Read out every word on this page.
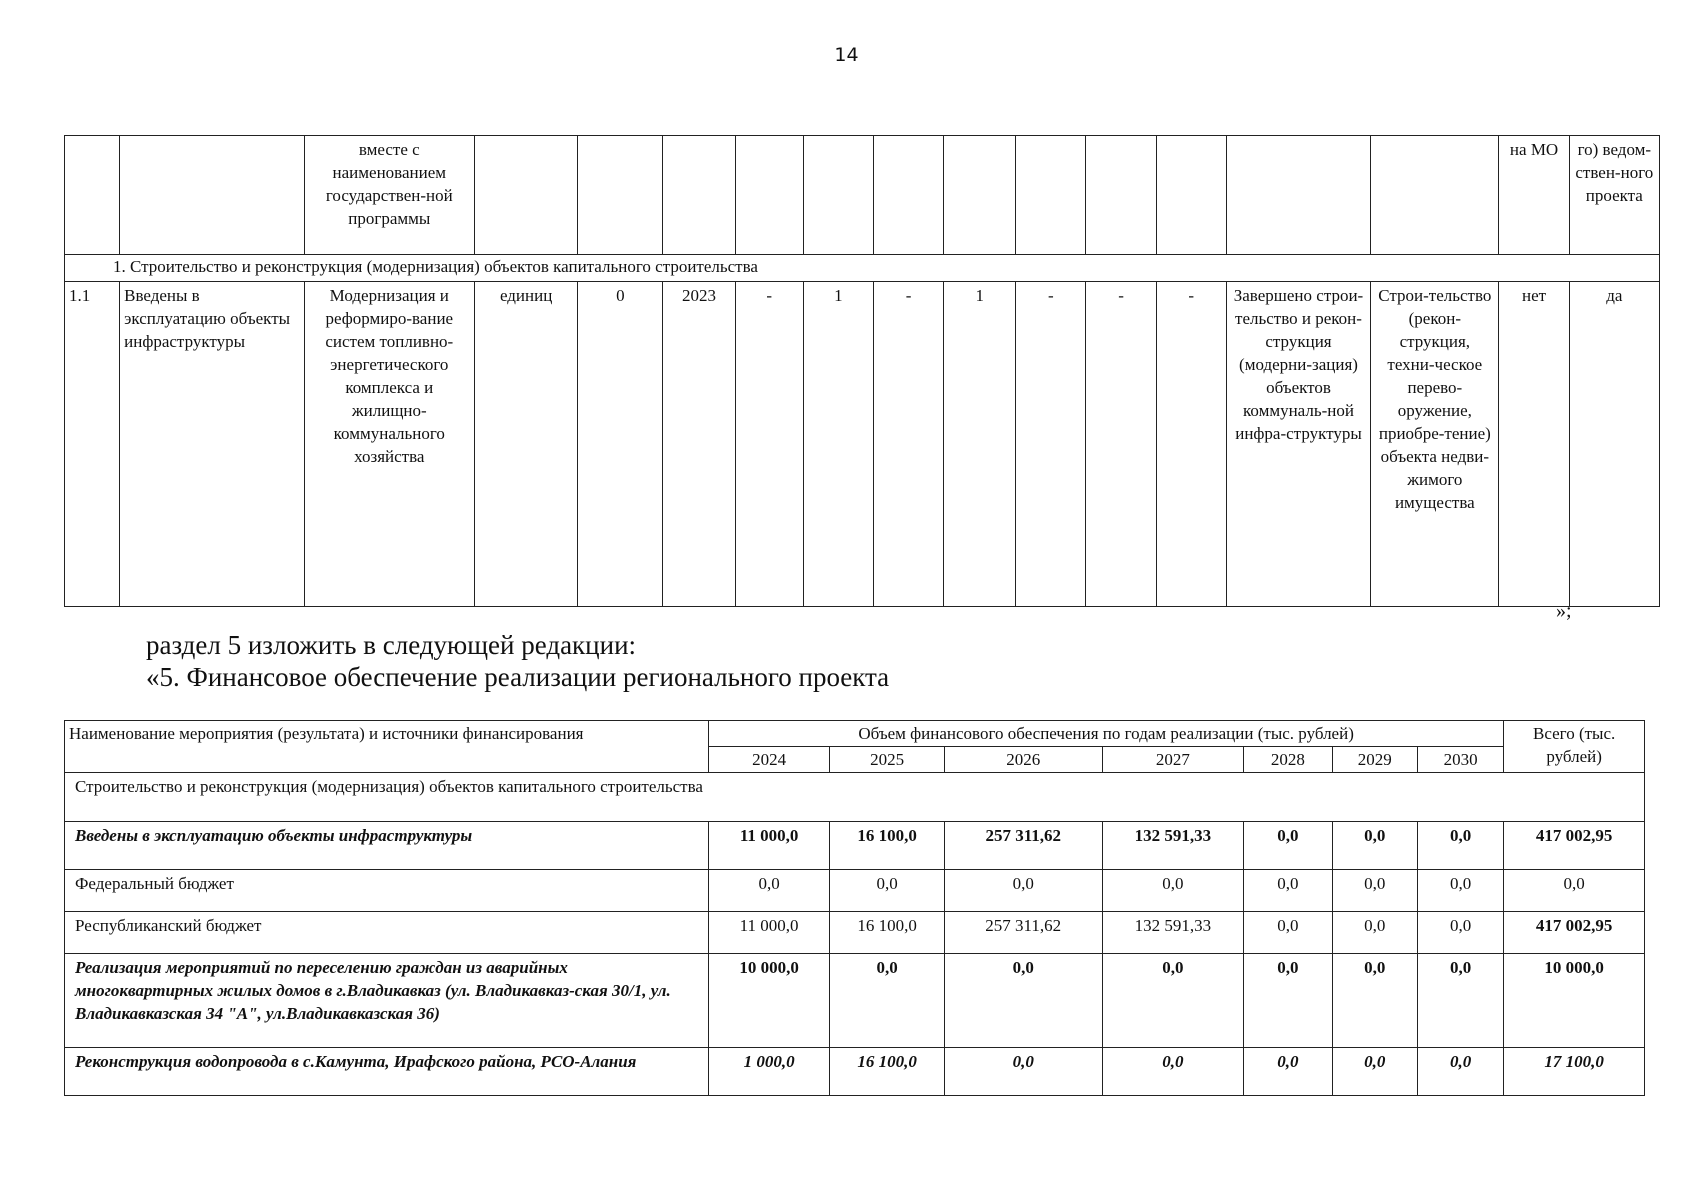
14
		вместе с наименованием государствен-ной программы													на МО	го) ведом-ствен-ного проекта
1. Строительство и реконструкция (модернизация) объектов капитального строительства																
1.1	Введены в эксплуатацию объекты инфраструктуры	Модернизация и реформиро-вание систем топливно-энергетического комплекса и жилищно-коммунального хозяйства	единиц	0	2023	-	1	-	1	-	-	-	Завершено строи-тельство и рекон-струкция (модерни-зация) объектов коммуналь-ной инфра-структуры	Строи-тельство (рекон-струкция, техни-ческое перево-оружение, приобре-тение) объекта недви-жимого имущества	нет	да
»;
раздел 5 изложить в следующей редакции:
«5. Финансовое обеспечение реализации регионального проекта
Наименование мероприятия (результата) и источники финансирования	Объем финансового обеспечения по годам реализации (тыс. рублей)							Всего (тыс. рублей)
	2024	2025	2026	2027	2028	2029	2030	
Строительство и реконструкция (модернизация) объектов капитального строительства								
Введены в эксплуатацию объекты инфраструктуры	11 000,0	16 100,0	257 311,62	132 591,33	0,0	0,0	0,0	417 002,95
Федеральный бюджет	0,0	0,0	0,0	0,0	0,0	0,0	0,0	0,0
Республиканский бюджет	11 000,0	16 100,0	257 311,62	132 591,33	0,0	0,0	0,0	417 002,95
Реализация мероприятий по переселению граждан из аварийных многоквартирных жилых домов в г.Владикавказ (ул. Владикавказ-ская 30/1, ул. Владикавказская 34 "А", ул.Владикавказская 36)	10 000,0	0,0	0,0	0,0	0,0	0,0	0,0	10 000,0
Реконструкция водопровода в с.Камунта, Ирафского района, РСО-Алания	1 000,0	16 100,0	0,0	0,0	0,0	0,0	0,0	17 100,0
